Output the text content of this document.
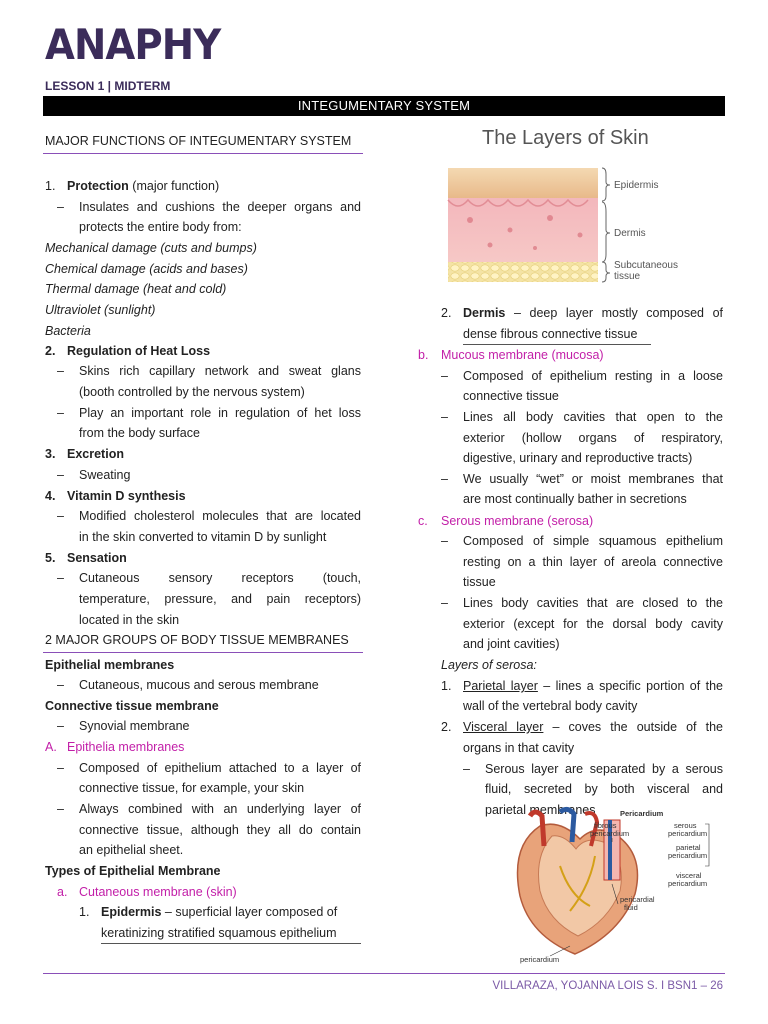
ANAPHY
LESSON 1 | MIDTERM
INTEGUMENTARY SYSTEM
MAJOR FUNCTIONS OF INTEGUMENTARY SYSTEM
1. Protection (major function)
– Insulates and cushions the deeper organs and
protects the entire body from:
Mechanical damage (cuts and bumps)
Chemical damage (acids and bases)
Thermal damage (heat and cold)
Ultraviolet (sunlight)
Bacteria
2. Regulation of Heat Loss
– Skins rich capillary network and sweat glans
(booth controlled by the nervous system)
– Play an important role in regulation of het loss
from the body surface
3. Excretion
– Sweating
4. Vitamin D synthesis
– Modified cholesterol molecules that are located
in the skin converted to vitamin D by sunlight
5. Sensation
– Cutaneous sensory receptors (touch,
temperature, pressure, and pain receptors)
located in the skin
2 MAJOR GROUPS OF BODY TISSUE MEMBRANES
Epithelial membranes
– Cutaneous, mucous and serous membrane
Connective tissue membrane
– Synovial membrane
A. Epithelia membranes
– Composed of epithelium attached to a layer of
connective tissue, for example, your skin
– Always combined with an underlying layer of
connective tissue, although they all do contain
an epithelial sheet.
Types of Epithelial Membrane
a. Cutaneous membrane (skin)
1. Epidermis – superficial layer composed of
keratinizing stratified squamous epithelium
The Layers of Skin
Epidermis
Dermis
Subcutaneous
tissue
2. Dermis – deep layer mostly composed of
dense fibrous connective tissue
b. Mucous membrane (mucosa)
– Composed of epithelium resting in a loose
connective tissue
– Lines all body cavities that open to the
exterior (hollow organs of respiratory,
digestive, urinary and reproductive tracts)
– We usually “wet” or moist membranes that
are most continually bather in secretions
c. Serous membrane (serosa)
– Composed of simple squamous epithelium
resting on a thin layer of areola connective
tissue
– Lines body cavities that are closed to the
exterior (except for the dorsal body cavity
and joint cavities)
Layers of serosa:
1. Parietal layer – lines a specific portion of the
wall of the vertebral body cavity
2. Visceral layer – coves the outside of the
organs in that cavity
– Serous layer are separated by a serous
fluid, secreted by both visceral and
parietal membranes	Pericardium
fibrous
pericardium
serous
pericardium
parietal
pericardium
visceral
pericardium
pericardial
fluid
pericardium
VILLARAZA, YOJANNA LOIS S. I BSN1 – 26
